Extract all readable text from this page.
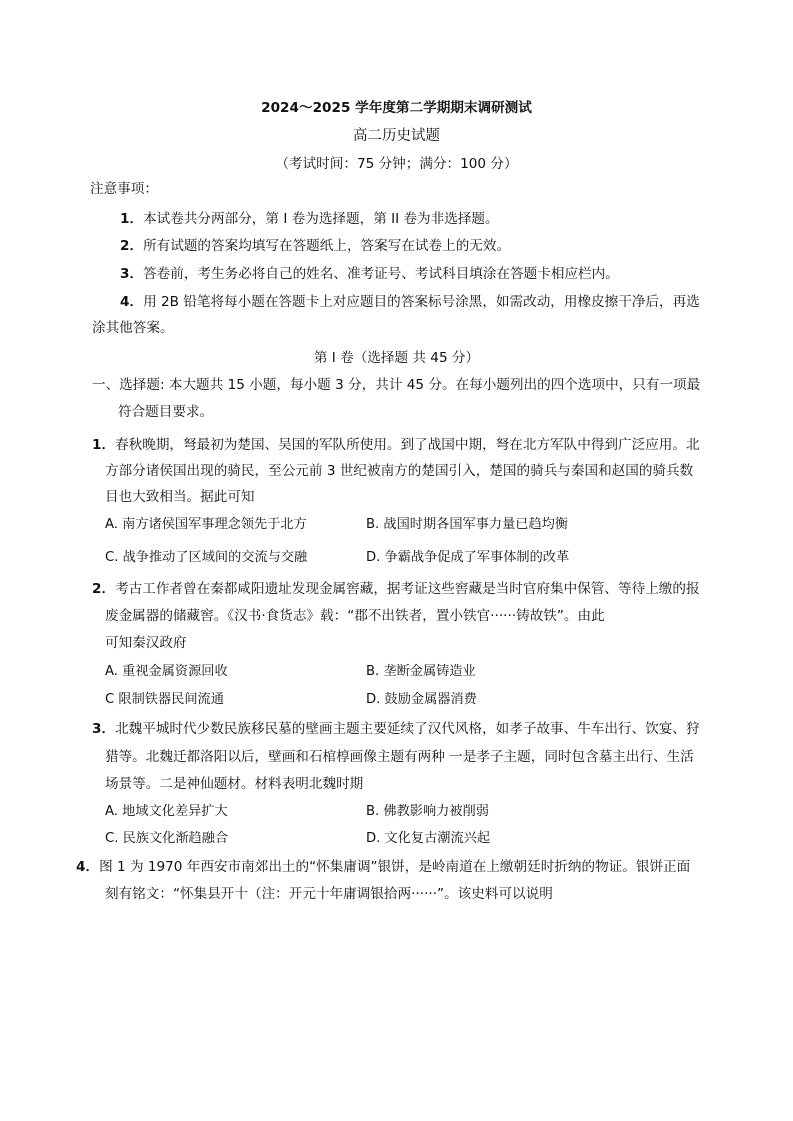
2024～2025 学年度第二学期期末调研测试
高二历史试题
（考试时间：75 分钟；满分：100 分）
注意事项：
1．本试卷共分两部分，第 I 卷为选择题，第 II 卷为非选择题。
2．所有试题的答案均填写在答题纸上，答案写在试卷上的无效。
3．答卷前，考生务必将自己的姓名、准考证号、考试科目填涂在答题卡相应栏内。
4．用 2B 铅笔将每小题在答题卡上对应题目的答案标号涂黑，如需改动，用橡皮擦干净后，再选
涂其他答案。
第 I 卷（选择题 共 45 分）
一、选择题: 本大题共 15 小题，每小题 3 分，共计 45 分。在每小题列出的四个选项中，只有一项最
符合题目要求。
1．春秋晚期，弩最初为楚国、吴国的军队所使用。到了战国中期，弩在北方军队中得到广泛应用。北
方部分诸侯国出现的骑民，至公元前 3 世纪被南方的楚国引入，楚国的骑兵与秦国和赵国的骑兵数
目也大致相当。据此可知
A. 南方诸侯国军事理念领先于北方	B. 战国时期各国军事力量已趋均衡
C. 战争推动了区域间的交流与交融	D. 争霸战争促成了军事体制的改革
2．考古工作者曾在秦都咸阳遗址发现金属窖藏，据考证这些窖藏是当时官府集中保管、等待上缴的报
废金属器的储藏窖。《汉书·食货志》载：“郡不出铁者，置小铁官······铸故铁”。由此
可知秦汉政府
A. 重视金属资源回收	B. 垄断金属铸造业
C 限制铁器民间流通	D. 鼓励金属器消费
3．北魏平城时代少数民族移民墓的壁画主题主要延续了汉代风格，如孝子故事、牛车出行、饮宴、狩
猎等。北魏迁都洛阳以后，壁画和石棺椁画像主题有两种 一是孝子主题，同时包含墓主出行、生活
场景等。二是神仙题材。材料表明北魏时期
A. 地域文化差异扩大	B. 佛教影响力被削弱
C. 民族文化渐趋融合	D. 文化复古潮流兴起
4．图 1 为 1970 年西安市南郊出土的“怀集庸调”银饼，是岭南道在上缴朝廷时折纳的物证。银饼正面
刻有铭文：“怀集县开十（注：开元十年庸调银拾两······”。该史料可以说明
